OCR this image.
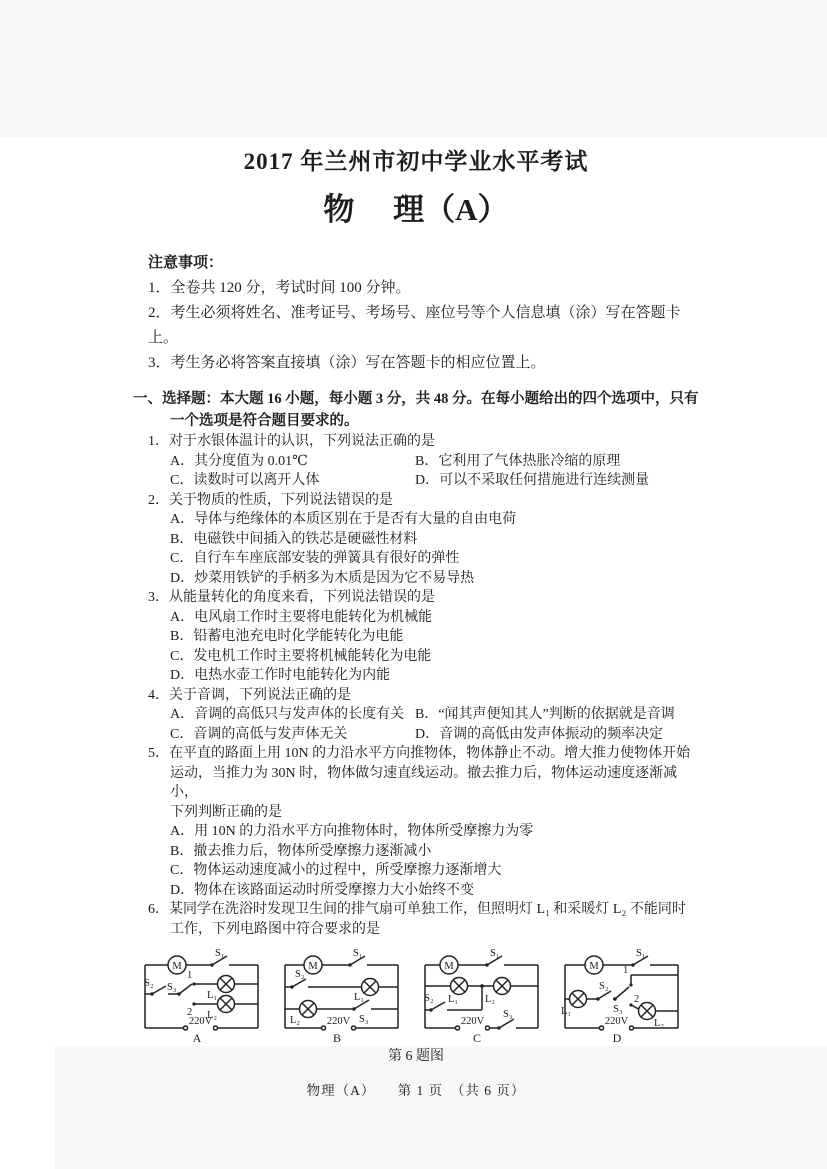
2017 年兰州市初中学业水平考试
物　 理（A）
注意事项：
1．全卷共 120 分，考试时间 100 分钟。
2．考生必须将姓名、准考证号、考场号、座位号等个人信息填（涂）写在答题卡上。
3．考生务必将答案直接填（涂）写在答题卡的相应位置上。
一、选择题：本大题 16 小题，每小题 3 分，共 48 分。在每小题给出的四个选项中，只有
一个选项是符合题目要求的。
1．对于水银体温计的认识，下列说法正确的是
A．其分度值为 0.01℃	B．它利用了气体热胀冷缩的原理
C．读数时可以离开人体	D．可以不采取任何措施进行连续测量
2．关于物质的性质，下列说法错误的是
A．导体与绝缘体的本质区别在于是否有大量的自由电荷
B．电磁铁中间插入的铁芯是硬磁性材料
C．自行车车座底部安装的弹簧具有很好的弹性
D．炒菜用铁铲的手柄多为木质是因为它不易导热
3．从能量转化的角度来看，下列说法错误的是
A．电风扇工作时主要将电能转化为机械能
B．铅蓄电池充电时化学能转化为电能
C．发电机工作时主要将机械能转化为电能
D．电热水壶工作时电能转化为内能
4．关于音调，下列说法正确的是
A．音调的高低只与发声体的长度有关 B．“闻其声便知其人”判断的依据就是音调
C．音调的高低与发声体无关	D．音调的高低由发声体振动的频率决定
5．在平直的路面上用 10N 的力沿水平方向推物体，物体静止不动。增大推力使物体开始
运动，当推力为 30N 时，物体做匀速直线运动。撤去推力后，物体运动速度逐渐减小，
下列判断正确的是
A．用 10N 的力沿水平方向推物体时，物体所受摩擦力为零
B．撤去推力后，物体所受摩擦力逐渐减小
C．物体运动速度减小的过程中，所受摩擦力逐渐增大
D．物体在该路面运动时所受摩擦力大小始终不变
6．某同学在洗浴时发现卫生间的排气扇可单独工作，但照明灯 L₁ 和采暖灯 L₂ 不能同时
工作，下列电路图中符合要求的是
M
S₁
S₂ S₃
1
2
L₁
L₂
220V
A
M
S₁
S₂
L₁
L₂	S₃
220V
B
M
S₁
S₂ L₁	L₂
S₃
220V
C
M
S₁
S₂
S₃
1
2
L₁
L₂
220V
D
第 6 题图
物理（A）　　第 1 页　（共 6 页）
